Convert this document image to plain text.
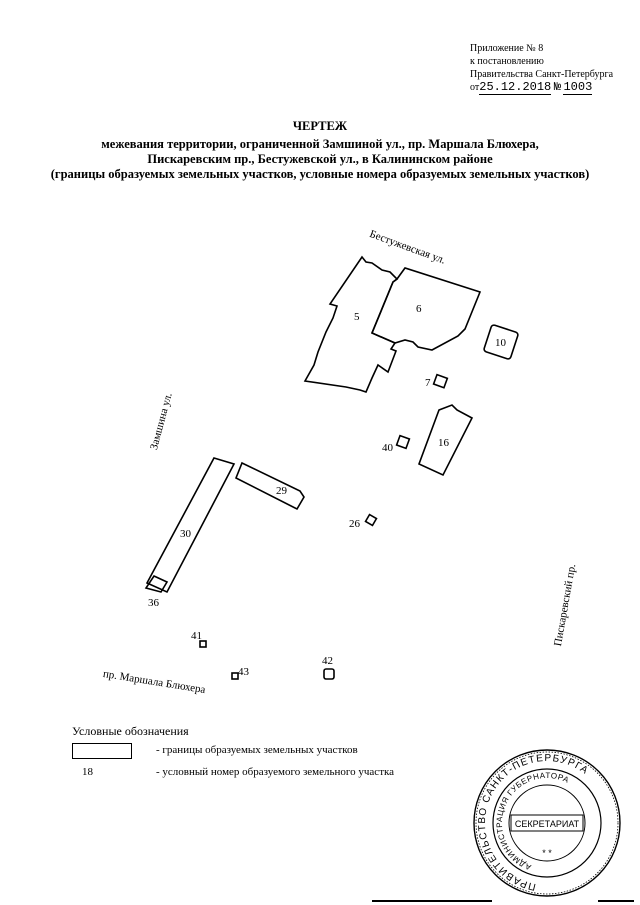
Приложение № 8
к постановлению
Правительства Санкт-Петербурга
от25.12.2018 № 1003
ЧЕРТЕЖ
межевания территории, ограниченной Замшиной ул., пр. Маршала Блюхера,
Пискаревским пр., Бестужевской ул., в Калининском районе
(границы образуемых земельных участков, условные номера образуемых земельных участков)
Бестужевская ул.
Замшина ул.
Пискаревский пр.
пр. Маршала Блюхера
5
6
10
7
16
40
29
26
30
36
41
42
43
ПРАВИТЕЛЬСТВО САНКТ-ПЕТЕРБУРГА
АДМИНИСТРАЦИЯ ГУБЕРНАТОРА
СЕКРЕТАРИАТ
* *
Условные обозначения
- границы образуемых земельных участков
18	- условный номер образуемого земельного участка
